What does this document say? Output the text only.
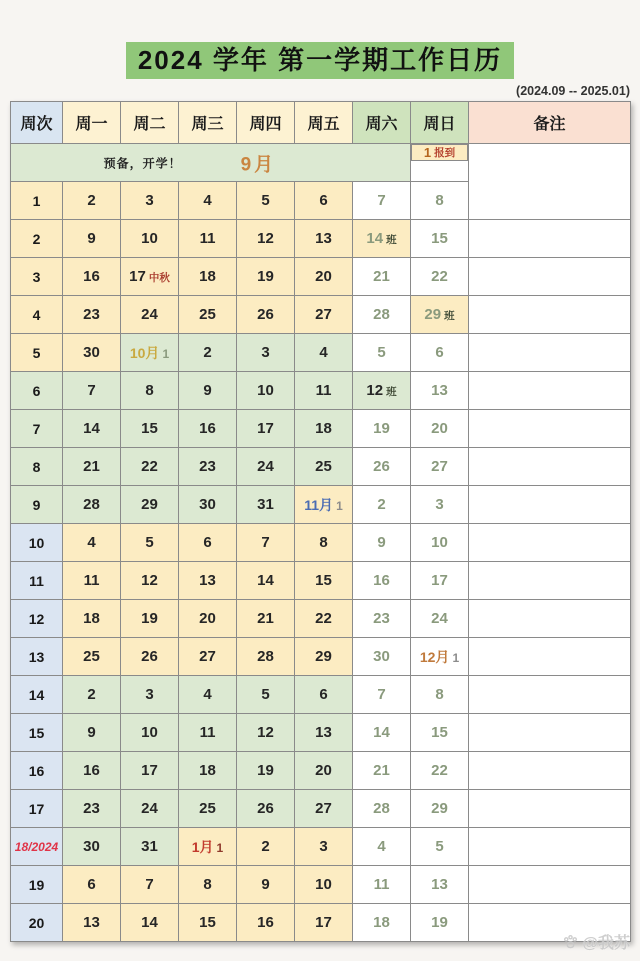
2024 学年 第一学期工作日历
(2024.09 -- 2025.01)
周次	周一	周二	周三	周四	周五	周六	周日	备注

预备，开学！ 9月

1 报到

1	2	3	4	5	6	7	8	
2	9	10	11	12	13	14 班	15	
3	16	17 中秋	18	19	20	21	22	
4	23	24	25	26	27	28	29 班	
5	30	10月 1	2	3	4	5	6	
6	7	8	9	10	11	12 班	13	
7	14	15	16	17	18	19	20	
8	21	22	23	24	25	26	27	
9	28	29	30	31	11月 1	2	3	
10	4	5	6	7	8	9	10	
11	11	12	13	14	15	16	17	
12	18	19	20	21	22	23	24	
13	25	26	27	28	29	30	12月 1	
14	2	3	4	5	6	7	8	
15	9	10	11	12	13	14	15	
16	16	17	18	19	20	21	22	
17	23	24	25	26	27	28	29	
18/2024	30	31	1月 1	2	3	4	5	
19	6	7	8	9	10	11	13	
20	13	14	15	16	17	18	19	
@我苏
